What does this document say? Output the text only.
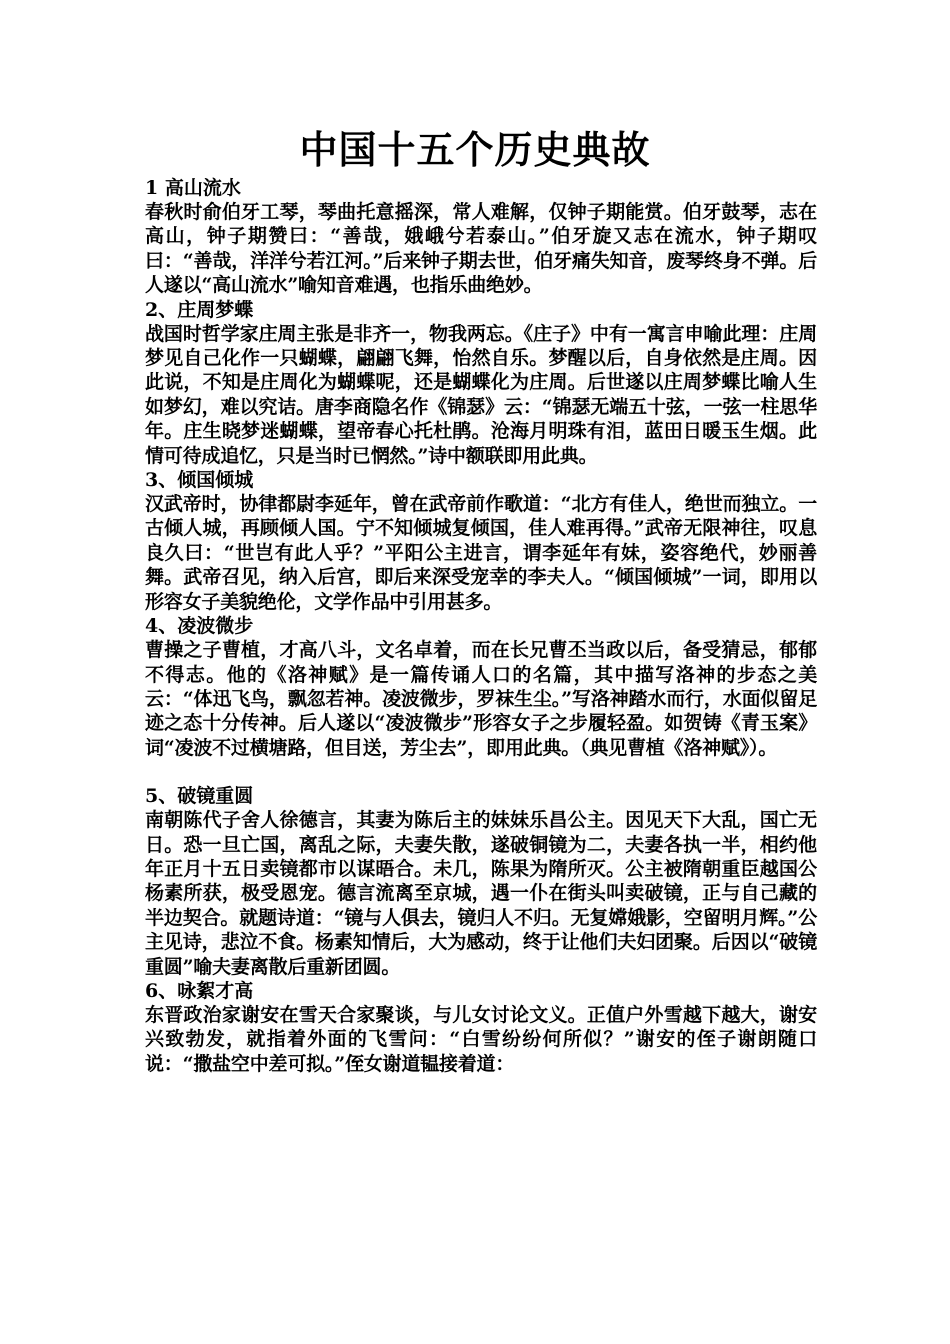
中国十五个历史典故
1 高山流水
春秋时俞伯牙工琴，琴曲托意摇深，常人难解，仅钟子期能赏。伯牙鼓琴，志在高山，钟子期赞曰：“善哉，娥峨兮若泰山。”伯牙旋又志在流水，钟子期叹曰：“善哉，洋洋兮若江河。”后来钟子期去世，伯牙痛失知音，废琴终身不弹。后人遂以“高山流水”喻知音难遇，也指乐曲绝妙。
2、庄周梦蝶
战国时哲学家庄周主张是非齐一，物我两忘。《庄子》中有一寓言申喻此理：庄周梦见自己化作一只蝴蝶，翩翩飞舞，怡然自乐。梦醒以后，自身依然是庄周。因此说，不知是庄周化为蝴蝶呢，还是蝴蝶化为庄周。后世遂以庄周梦蝶比喻人生如梦幻，难以究诘。唐李商隐名作《锦瑟》云：“锦瑟无端五十弦，一弦一柱思华年。庄生晓梦迷蝴蝶，望帝春心托杜鹃。沧海月明珠有泪，蓝田日暖玉生烟。此情可待成追忆，只是当时已惘然。”诗中额联即用此典。
3、倾国倾城
汉武帝时，协律都尉李延年，曾在武帝前作歌道：“北方有佳人，绝世而独立。一古倾人城，再顾倾人国。宁不知倾城复倾国，佳人难再得。”武帝无限神往，叹息良久曰：“世岂有此人乎？”平阳公主进言，谓李延年有妹，姿容绝代，妙丽善舞。武帝召见，纳入后宫，即后来深受宠幸的李夫人。“倾国倾城”一词，即用以形容女子美貌绝伦，文学作品中引用甚多。
4、凌波微步
曹操之子曹植，才高八斗，文名卓着，而在长兄曹丕当政以后，备受猜忌，郁郁不得志。他的《洛神赋》是一篇传诵人口的名篇，其中描写洛神的步态之美云：“体迅飞鸟，飘忽若神。凌波微步，罗袜生尘。”写洛神踏水而行，水面似留足迹之态十分传神。后人遂以“凌波微步”形容女子之步履轻盈。如贺铸《青玉案》词“凌波不过横塘路，但目送，芳尘去”，即用此典。（典见曹植《洛神赋》）。
5、破镜重圆
南朝陈代子舍人徐德言，其妻为陈后主的妹妹乐昌公主。因见天下大乱，国亡无日。恐一旦亡国，离乱之际，夫妻失散，遂破铜镜为二，夫妻各执一半，相约他年正月十五日卖镜都市以谋晤合。未几，陈果为隋所灭。公主被隋朝重臣越国公杨素所获，极受恩宠。德言流离至京城，遇一仆在街头叫卖破镜，正与自己藏的半边契合。就题诗道：“镜与人俱去，镜归人不归。无复嫦娥影，空留明月辉。”公主见诗，悲泣不食。杨素知情后，大为感动，终于让他们夫妇团聚。后因以“破镜重圆”喻夫妻离散后重新团圆。
6、咏絮才高
东晋政治家谢安在雪天合家聚谈，与儿女讨论文义。正值户外雪越下越大，谢安兴致勃发，就指着外面的飞雪问：“白雪纷纷何所似？”谢安的侄子谢朗随口说：“撒盐空中差可拟。”侄女谢道韫接着道：
